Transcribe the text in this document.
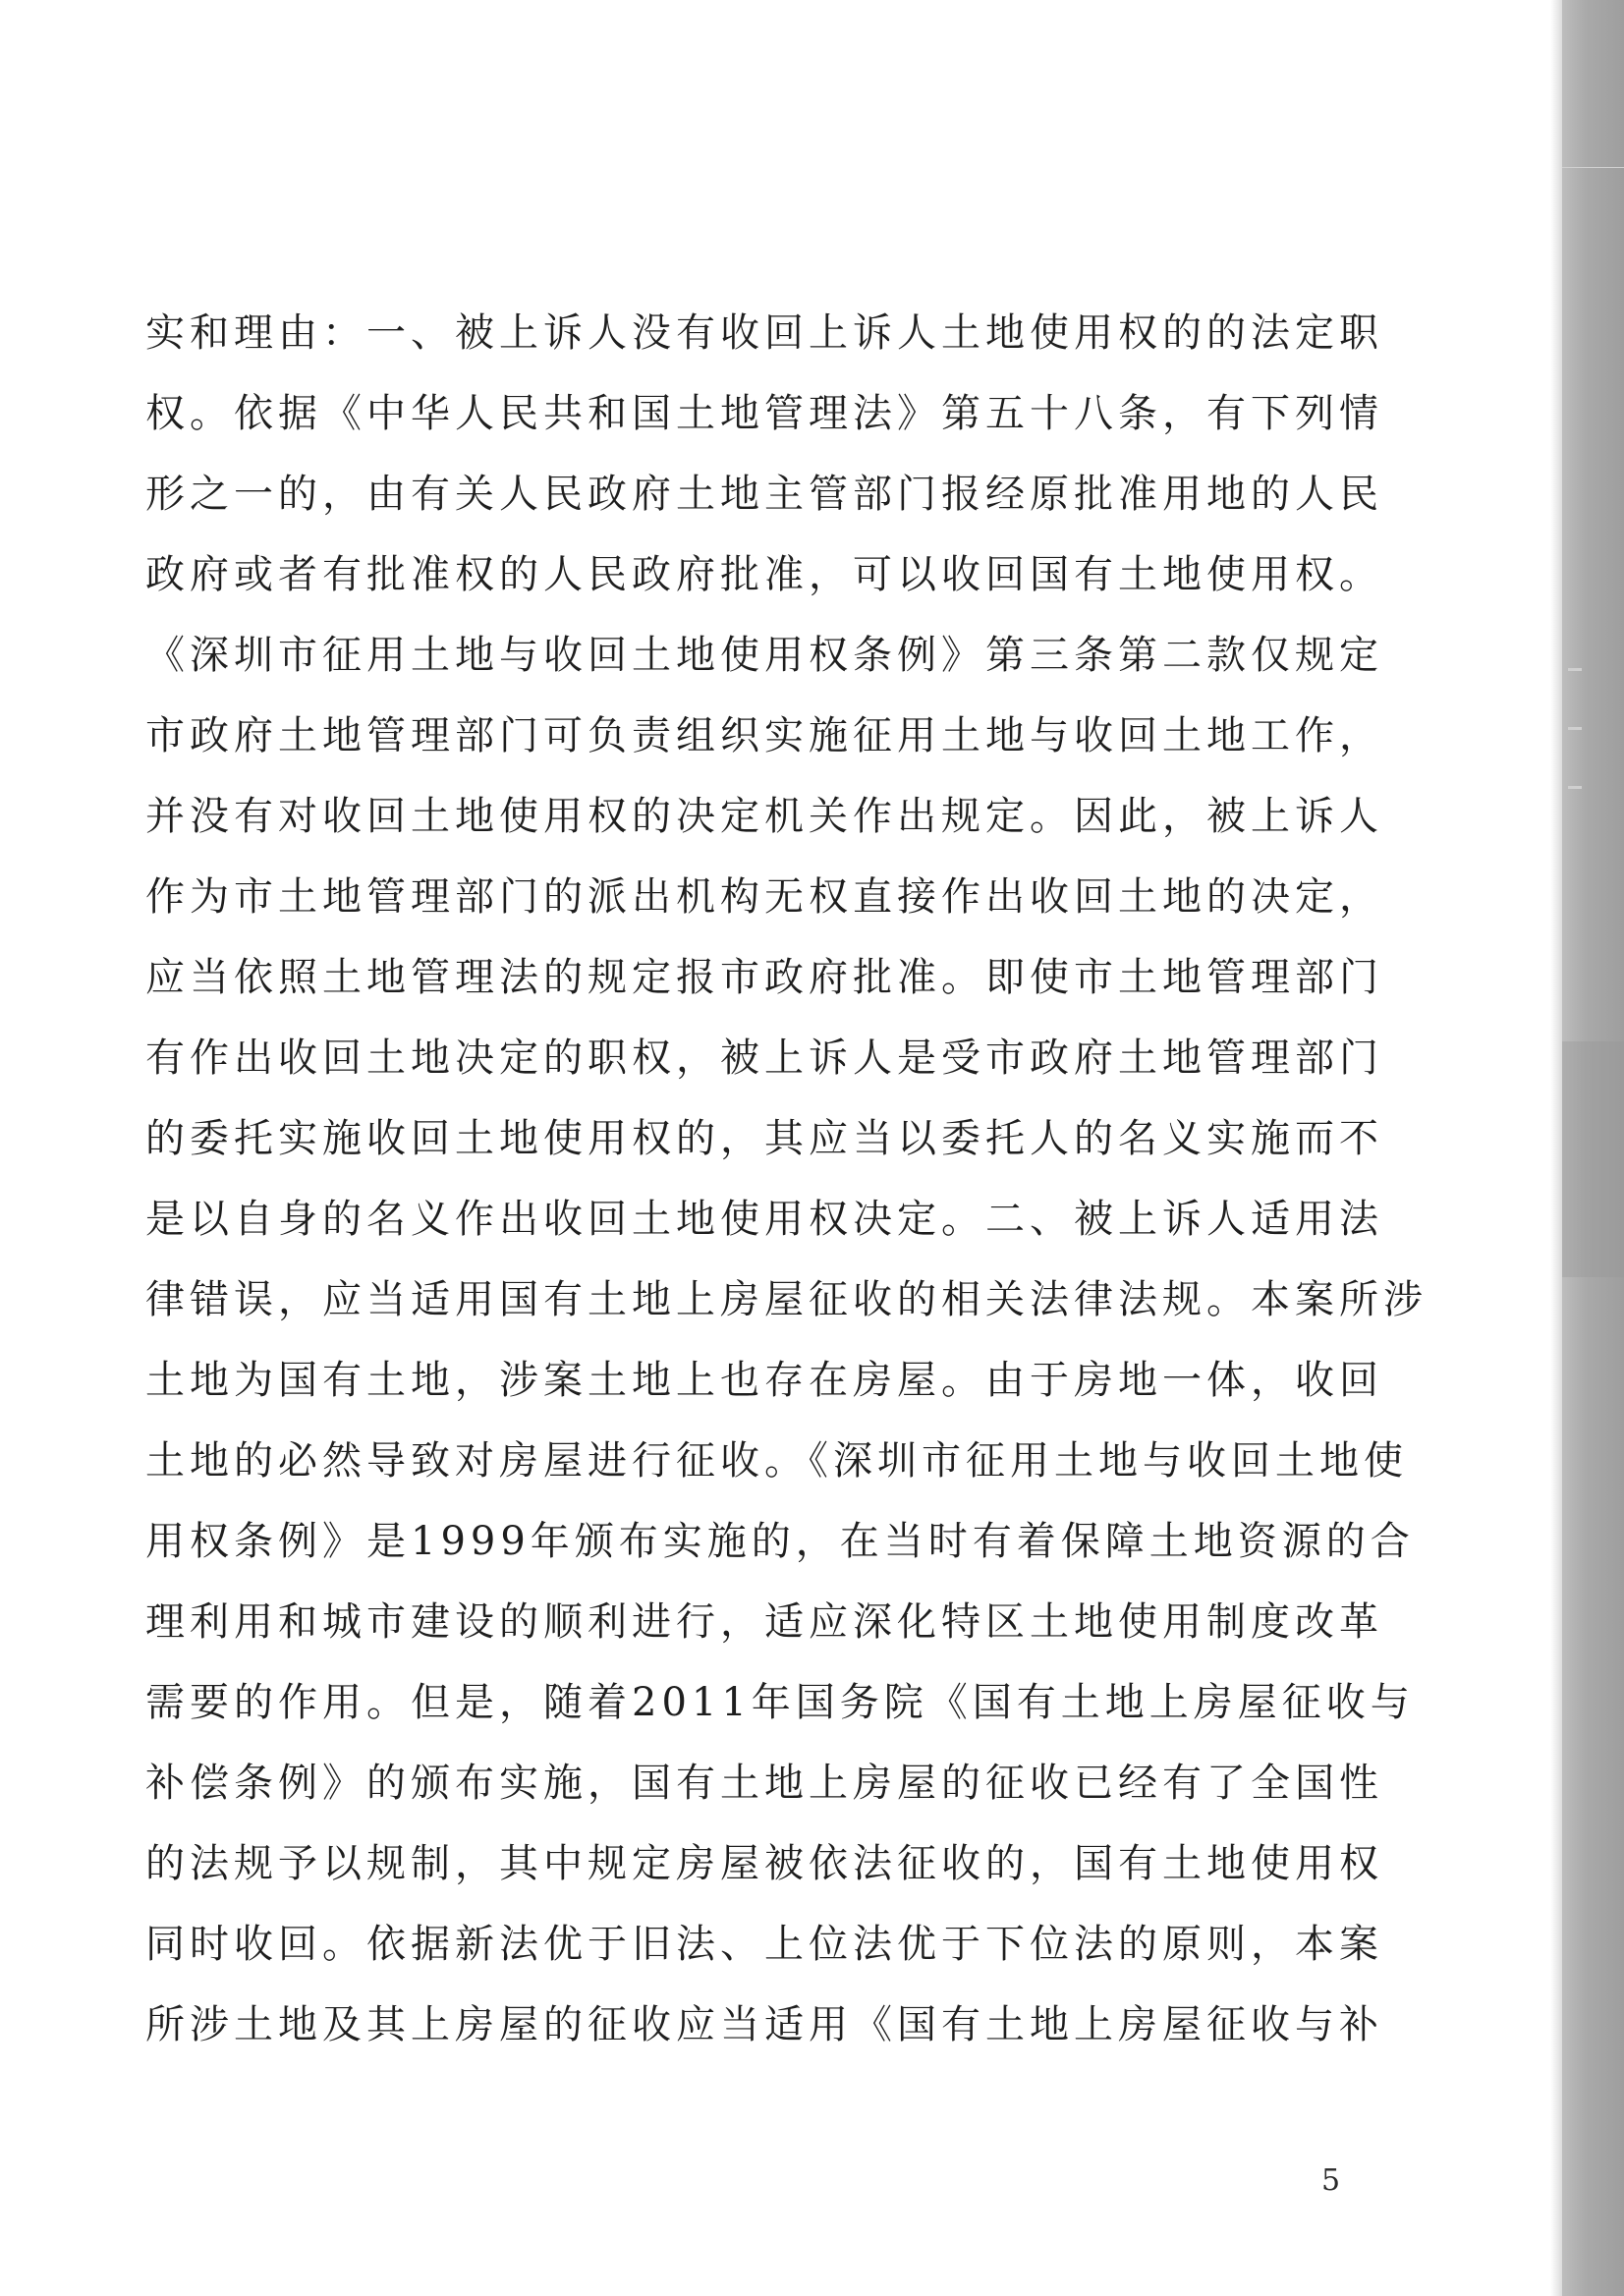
实和理由：一、被上诉人没有收回上诉人土地使用权的的法定职
权。依据《中华人民共和国土地管理法》第五十八条，有下列情
形之一的，由有关人民政府土地主管部门报经原批准用地的人民
政府或者有批准权的人民政府批准，可以收回国有土地使用权。
《深圳市征用土地与收回土地使用权条例》第三条第二款仅规定
市政府土地管理部门可负责组织实施征用土地与收回土地工作，
并没有对收回土地使用权的决定机关作出规定。因此，被上诉人
作为市土地管理部门的派出机构无权直接作出收回土地的决定，
应当依照土地管理法的规定报市政府批准。即使市土地管理部门
有作出收回土地决定的职权，被上诉人是受市政府土地管理部门
的委托实施收回土地使用权的，其应当以委托人的名义实施而不
是以自身的名义作出收回土地使用权决定。二、被上诉人适用法
律错误，应当适用国有土地上房屋征收的相关法律法规。本案所涉
土地为国有土地，涉案土地上也存在房屋。由于房地一体，收回
土地的必然导致对房屋进行征收。《深圳市征用土地与收回土地使
用权条例》是1999年颁布实施的，在当时有着保障土地资源的合
理利用和城市建设的顺利进行，适应深化特区土地使用制度改革
需要的作用。但是，随着2011年国务院《国有土地上房屋征收与
补偿条例》的颁布实施，国有土地上房屋的征收已经有了全国性
的法规予以规制，其中规定房屋被依法征收的，国有土地使用权
同时收回。依据新法优于旧法、上位法优于下位法的原则，本案
所涉土地及其上房屋的征收应当适用《国有土地上房屋征收与补
5
